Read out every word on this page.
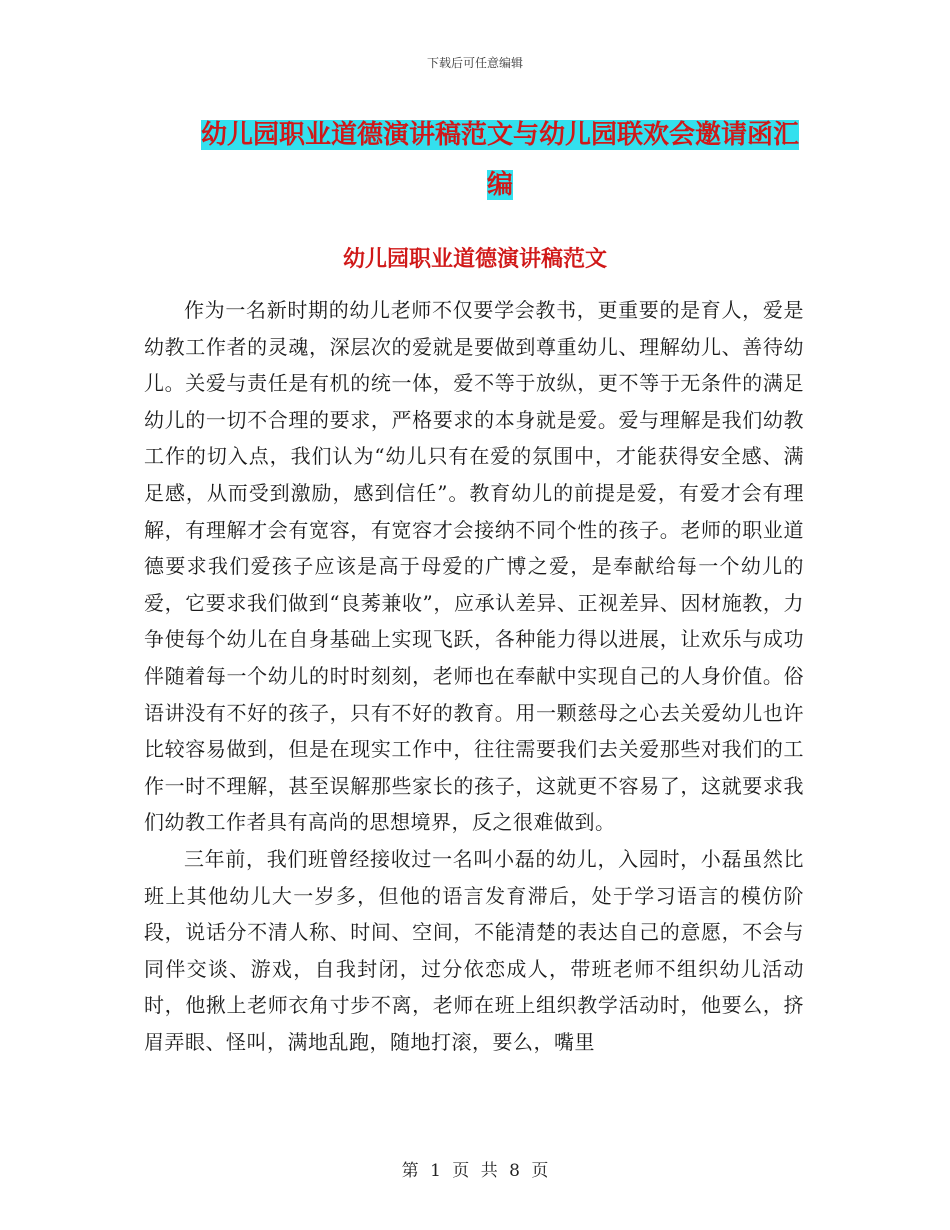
下载后可任意编辑
幼儿园职业道德演讲稿范文与幼儿园联欢会邀请函汇编
幼儿园职业道德演讲稿范文

作为一名新时期的幼儿老师不仅要学会教书，更重要的是育人，爱是幼教工作者的灵魂，深层次的爱就是要做到尊重幼儿、理解幼儿、善待幼儿。关爱与责任是有机的统一体，爱不等于放纵，更不等于无条件的满足幼儿的一切不合理的要求，严格要求的本身就是爱。爱与理解是我们幼教工作的切入点，我们认为“幼儿只有在爱的氛围中，才能获得安全感、满足感，从而受到激励，感到信任”。教育幼儿的前提是爱，有爱才会有理解，有理解才会有宽容，有宽容才会接纳不同个性的孩子。老师的职业道德要求我们爱孩子应该是高于母爱的广博之爱，是奉献给每一个幼儿的爱，它要求我们做到“良莠兼收”，应承认差异、正视差异、因材施教，力争使每个幼儿在自身基础上实现飞跃，各种能力得以进展，让欢乐与成功伴随着每一个幼儿的时时刻刻，老师也在奉献中实现自己的人身价值。俗语讲没有不好的孩子，只有不好的教育。用一颗慈母之心去关爱幼儿也许比较容易做到，但是在现实工作中，往往需要我们去关爱那些对我们的工作一时不理解，甚至误解那些家长的孩子，这就更不容易了，这就要求我们幼教工作者具有高尚的思想境界，反之很难做到。

三年前，我们班曾经接收过一名叫小磊的幼儿，入园时，小磊虽然比班上其他幼儿大一岁多，但他的语言发育滞后，处于学习语言的模仿阶段，说话分不清人称、时间、空间，不能清楚的表达自己的意愿，不会与同伴交谈、游戏，自我封闭，过分依恋成人，带班老师不组织幼儿活动时，他揪上老师衣角寸步不离，老师在班上组织教学活动时，他要么，挤眉弄眼、怪叫，满地乱跑，随地打滚，要么，嘴里

第 1 页 共 8 页
